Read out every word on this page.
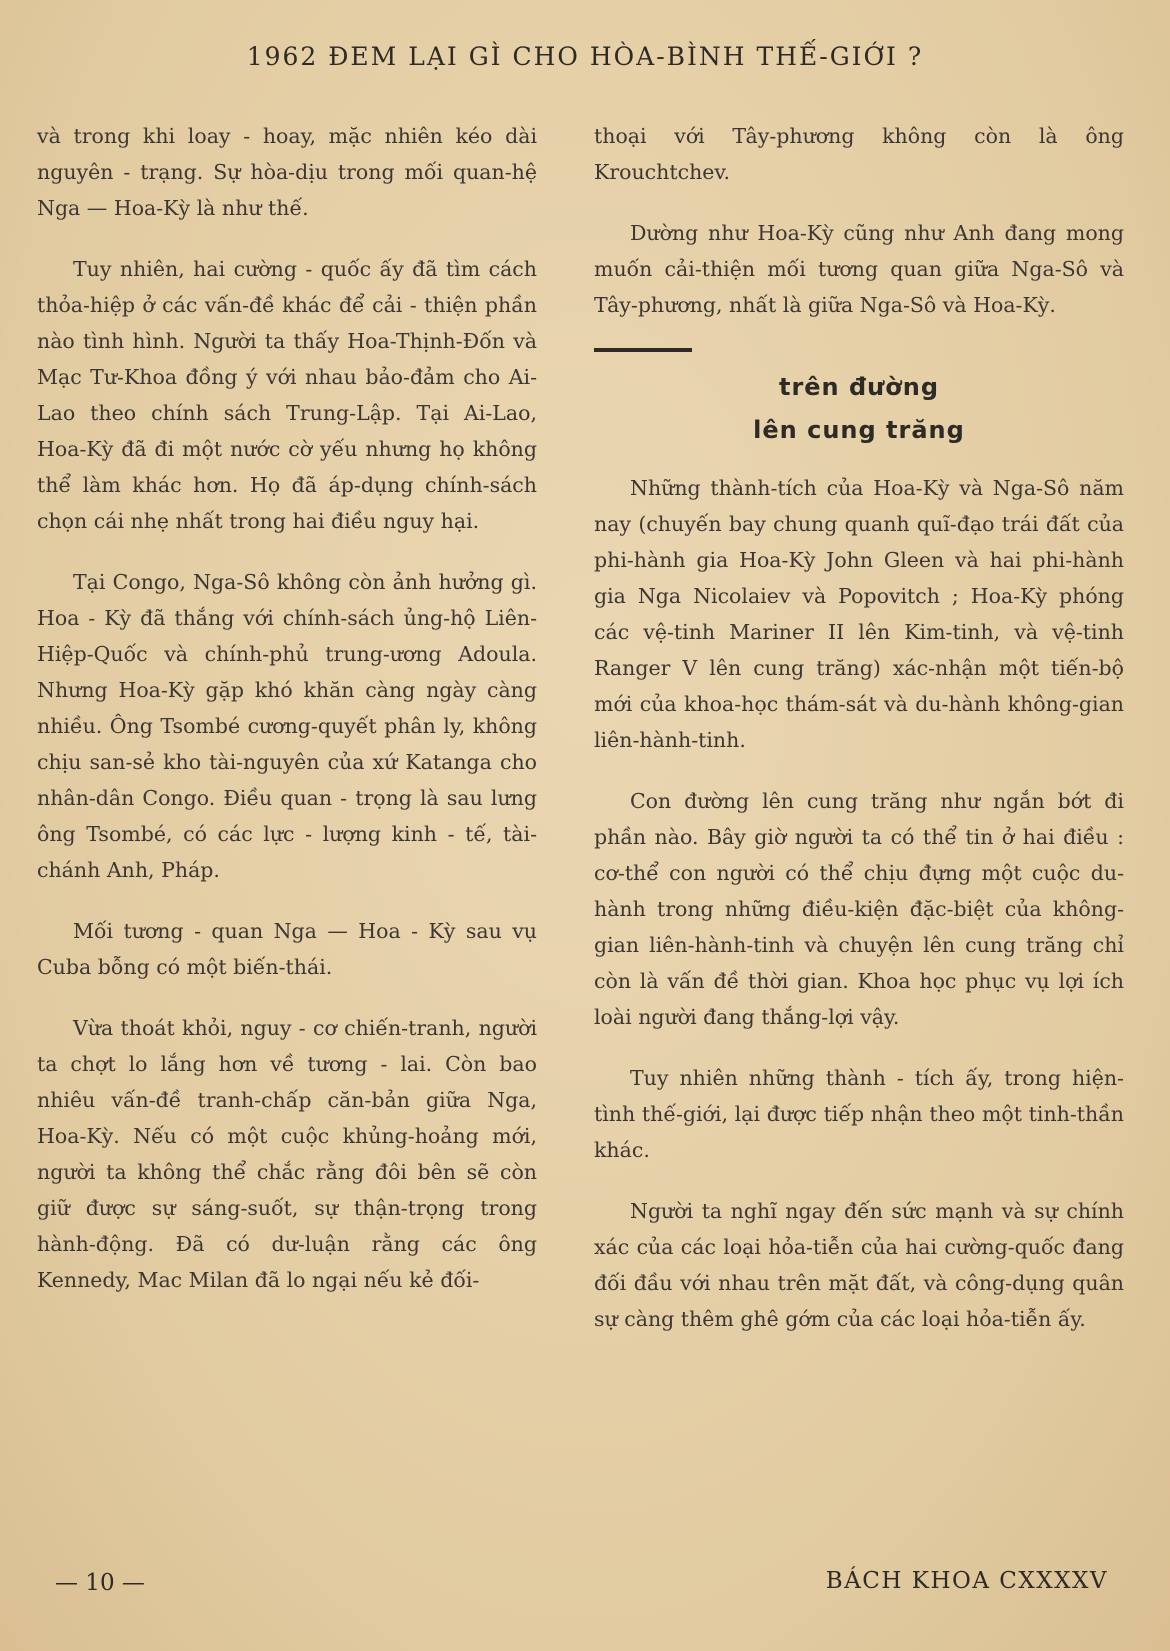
1962 ĐEM LẠI GÌ CHO HÒA-BÌNH THẾ-GIỚI ?

và trong khi loay - hoay, mặc nhiên kéo dài nguyên - trạng. Sự hòa-dịu trong mối quan-hệ Nga — Hoa-Kỳ là như thế.

Tuy nhiên, hai cường - quốc ấy đã tìm cách thỏa-hiệp ở các vấn-đề khác để cải - thiện phần nào tình hình. Người ta thấy Hoa-Thịnh-Đốn và Mạc Tư-Khoa đồng ý với nhau bảo-đảm cho Ai-Lao theo chính sách Trung-Lập. Tại Ai-Lao, Hoa-Kỳ đã đi một nước cờ yếu nhưng họ không thể làm khác hơn. Họ đã áp-dụng chính-sách chọn cái nhẹ nhất trong hai điều nguy hại.

Tại Congo, Nga-Sô không còn ảnh hưởng gì. Hoa - Kỳ đã thắng với chính-sách ủng-hộ Liên-Hiệp-Quốc và chính-phủ trung-ương Adoula. Nhưng Hoa-Kỳ gặp khó khăn càng ngày càng nhiều. Ông Tsombé cương-quyết phân ly, không chịu san-sẻ kho tài-nguyên của xứ Katanga cho nhân-dân Congo. Điều quan - trọng là sau lưng ông Tsombé, có các lực - lượng kinh - tế, tài-chánh Anh, Pháp.

Mối tương - quan Nga — Hoa - Kỳ sau vụ Cuba bỗng có một biến-thái.

Vừa thoát khỏi, nguy - cơ chiến-tranh, người ta chợt lo lắng hơn về tương - lai. Còn bao nhiêu vấn-đề tranh-chấp căn-bản giữa Nga, Hoa-Kỳ. Nếu có một cuộc khủng-hoảng mới, người ta không thể chắc rằng đôi bên sẽ còn giữ được sự sáng-suốt, sự thận-trọng trong hành-động. Đã có dư-luận rằng các ông Kennedy, Mac Milan đã lo ngại nếu kẻ đối-

thoại với Tây-phương không còn là ông Krouchtchev.

Dường như Hoa-Kỳ cũng như Anh đang mong muốn cải-thiện mối tương quan giữa Nga-Sô và Tây-phương, nhất là giữa Nga-Sô và Hoa-Kỳ.

trên đường
lên cung trăng

Những thành-tích của Hoa-Kỳ và Nga-Sô năm nay (chuyến bay chung quanh quĩ-đạo trái đất của phi-hành gia Hoa-Kỳ John Gleen và hai phi-hành gia Nga Nicolaiev và Popovitch ; Hoa-Kỳ phóng các vệ-tinh Mariner II lên Kim-tinh, và vệ-tinh Ranger V lên cung trăng) xác-nhận một tiến-bộ mới của khoa-học thám-sát và du-hành không-gian liên-hành-tinh.

Con đường lên cung trăng như ngắn bớt đi phần nào. Bây giờ người ta có thể tin ở hai điều : cơ-thể con người có thể chịu đựng một cuộc du-hành trong những điều-kiện đặc-biệt của không-gian liên-hành-tinh và chuyện lên cung trăng chỉ còn là vấn đề thời gian. Khoa học phục vụ lợi ích loài người đang thắng-lợi vậy.

Tuy nhiên những thành - tích ấy, trong hiện-tình thế-giới, lại được tiếp nhận theo một tinh-thần khác.

Người ta nghĩ ngay đến sức mạnh và sự chính xác của các loại hỏa-tiễn của hai cường-quốc đang đối đầu với nhau trên mặt đất, và công-dụng quân sự càng thêm ghê gớm của các loại hỏa-tiễn ấy.

— 10 —	BÁCH KHOA CXXXXV
